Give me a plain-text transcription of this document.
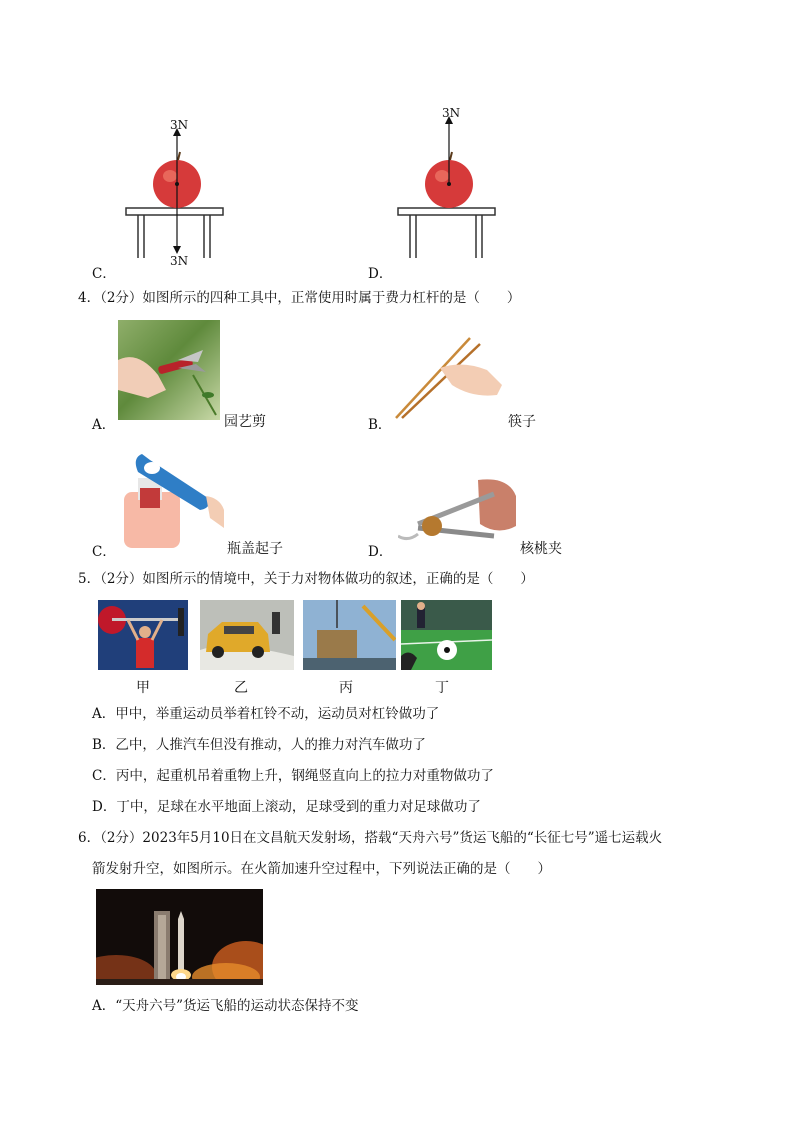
3N
3N
C．
3N
D．
4．（2分）如图所示的四种工具中，正常使用时属于费力杠杆的是（　　）
A．	园艺剪	B．	筷子
C．	瓶盖起子	D．	核桃夹
5．（2分）如图所示的情境中，关于力对物体做功的叙述，正确的是（　　）
甲	乙	丙	丁
A．甲中，举重运动员举着杠铃不动，运动员对杠铃做功了
B．乙中，人推汽车但没有推动，人的推力对汽车做功了
C．丙中，起重机吊着重物上升，钢绳竖直向上的拉力对重物做功了
D．丁中，足球在水平地面上滚动，足球受到的重力对足球做功了
6．（2分）2023年5月10日在文昌航天发射场，搭载“天舟六号”货运飞船的“长征七号”遥七运载火
箭发射升空，如图所示。在火箭加速升空过程中，下列说法正确的是（　　）
A．“天舟六号”货运飞船的运动状态保持不变
